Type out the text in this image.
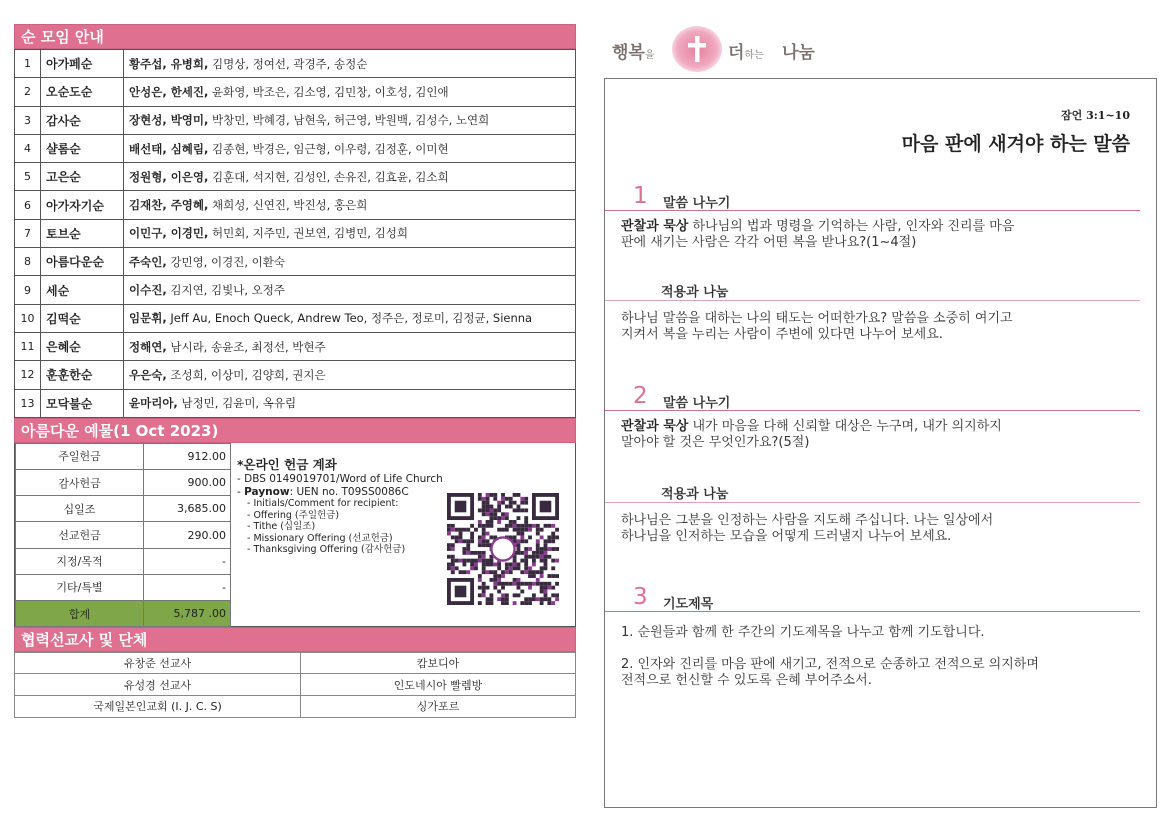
순 모임 안내
1	아가페순	황주섭, 유병희, 김명상, 정여선, 곽경주, 송정순
2	오순도순	안성은, 한세진, 윤화영, 박조은, 김소영, 김민창, 이호성, 김인애
3	감사순	장현성, 박영미, 박창민, 박혜경, 남현욱, 허근영, 박원백, 김성수, 노연희
4	샬롬순	배선태, 심혜림, 김종현, 박경은, 임근형, 이우령, 김정훈, 이미현
5	고은순	정원형, 이은영, 김훈대, 석지현, 김성인, 손유진, 김효윤, 김소희
6	아가자기순	김재찬, 주영혜, 채희성, 신연진, 박진성, 홍은희
7	토브순	이민구, 이경민, 허민회, 지주민, 권보연, 김병민, 김성희
8	아름다운순	주숙인, 강민영, 이경진, 이환숙
9	세순	이수진, 김지연, 김빛나, 오정주
10	김떡순	임문휘, Jeff Au, Enoch Queck, Andrew Teo, 정주은, 정로미, 김정균, Sienna
11	은혜순	정해연, 남시라, 송윤조, 최정선, 박현주
12	훈훈한순	우은숙, 조성희, 이상미, 김양희, 권지은
13	모닥불순	윤마리아, 남정민, 김윤미, 옥유림
아름다운 예물(1 Oct 2023)
주일헌금	912.00
감사헌금	900.00
십일조	3,685.00
선교헌금	290.00
지정/목적	-
기타/특별	-
합계	5,787 .00
*온라인 헌금 계좌
- DBS 0149019701/Word of Life Church
- Paynow: UEN no. T09SS0086C
- Initials/Comment for recipient:
- Offering (주일헌금)
- Tithe (십일조)
- Missionary Offering (선교헌금)
- Thanksgiving Offering (감사헌금)
협력선교사 및 단체
유창준 선교사	캄보디아
유성경 선교사	인도네시아 빨렘방
국제일본인교회 (I. J. C. S)	싱가포르
행복을	더하는 나눔
잠언 3:1~10
마음 판에 새겨야 하는 말씀
1 말씀 나누기
관찰과 묵상 하나님의 법과 명령을 기억하는 사람, 인자와 진리를 마음
판에 새기는 사람은 각각 어떤 복을 받나요?(1~4절)
적용과 나눔
하나님 말씀을 대하는 나의 태도는 어떠한가요? 말씀을 소중히 여기고
지켜서 복을 누리는 사람이 주변에 있다면 나누어 보세요.
2 말씀 나누기
관찰과 묵상 내가 마음을 다해 신뢰할 대상은 누구며, 내가 의지하지
말아야 할 것은 무엇인가요?(5절)
적용과 나눔
하나님은 그분을 인정하는 사람을 지도해 주십니다. 나는 일상에서
하나님을 인저하는 모습을 어떻게 드러낼지 나누어 보세요.
3 기도제목
1. 순원들과 함께 한 주간의 기도제목을 나누고 함께 기도합니다.
2. 인자와 진리를 마음 판에 새기고, 전적으로 순종하고 전적으로 의지하며
전적으로 헌신할 수 있도록 은혜 부어주소서.
